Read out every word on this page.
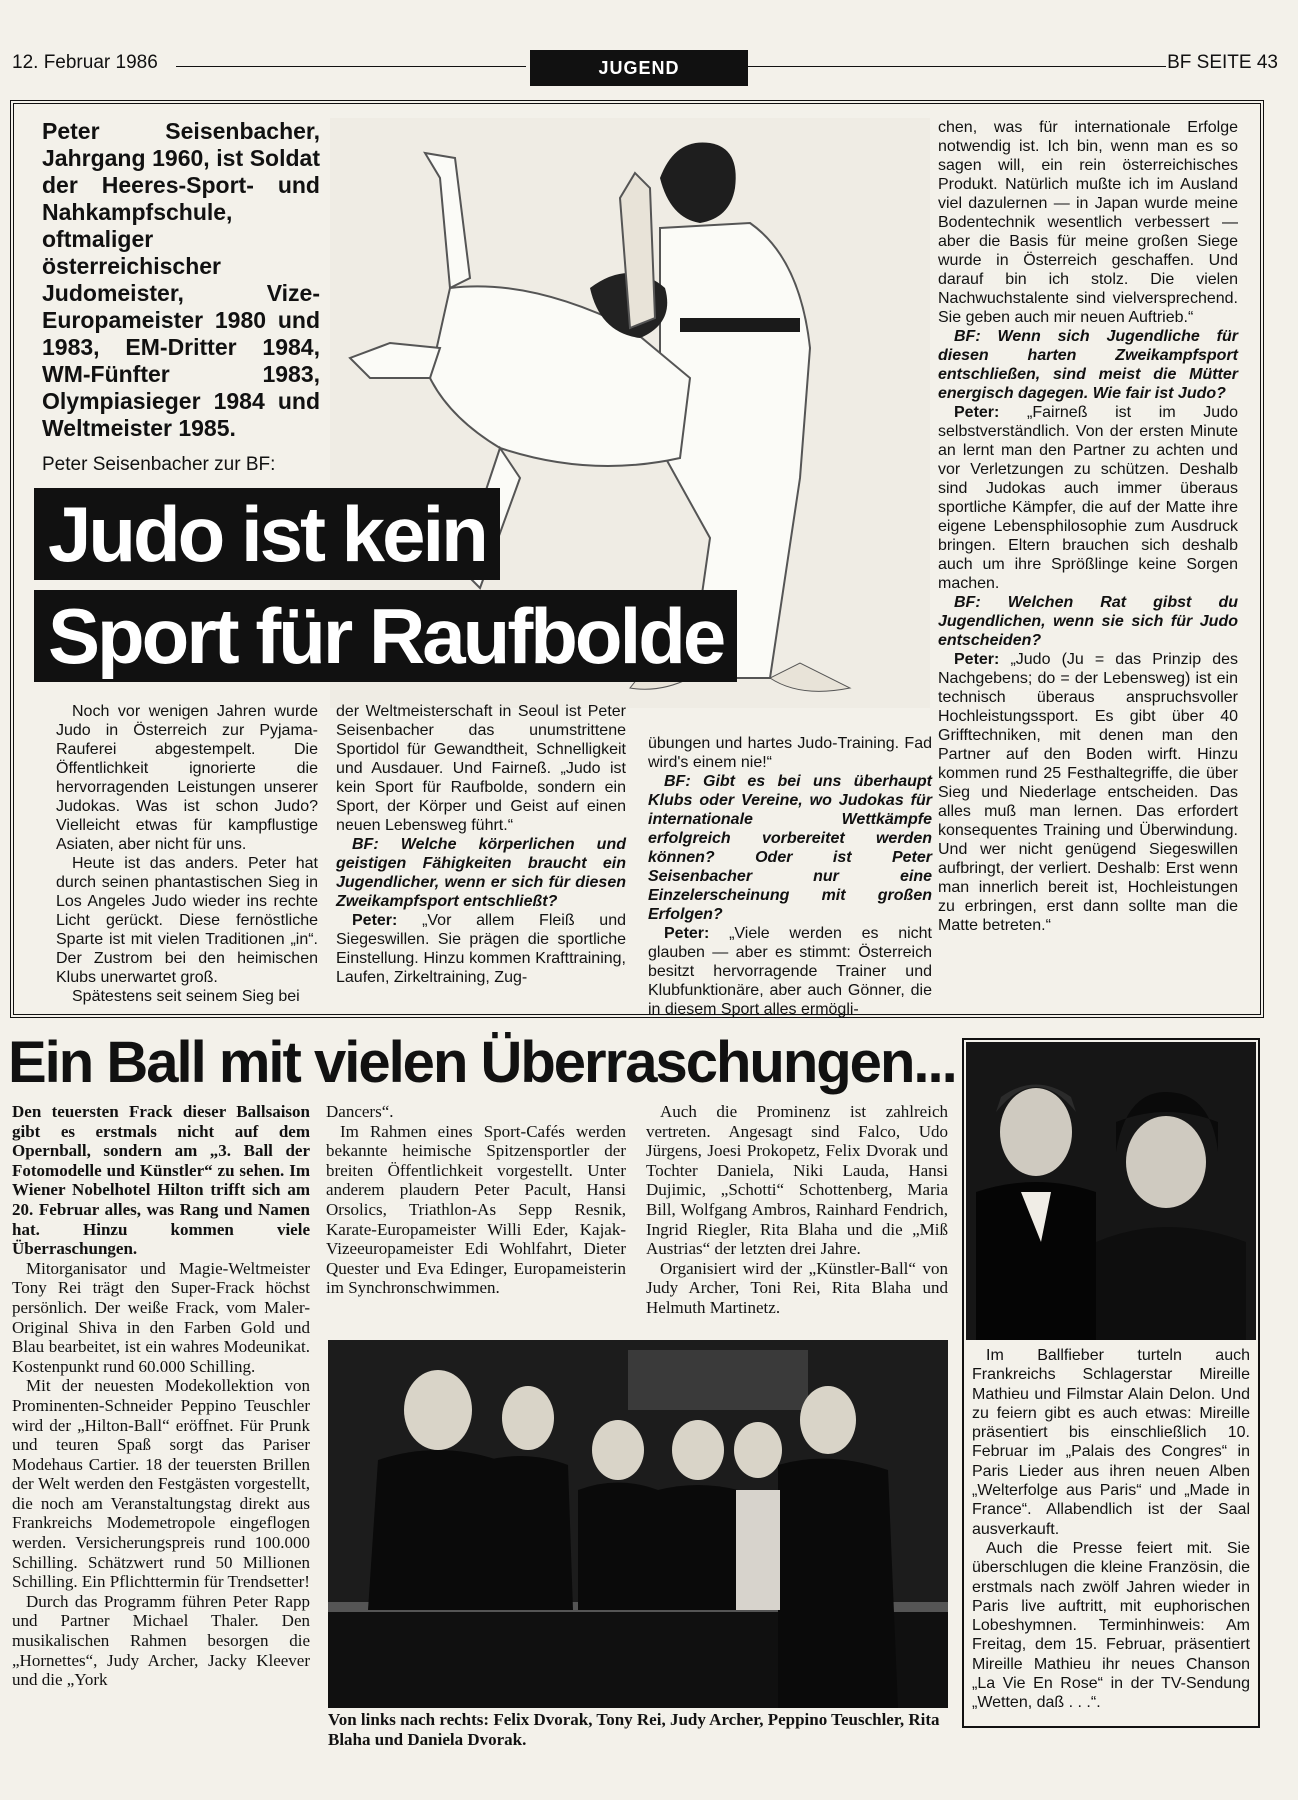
12. Februar 1986	JUGEND	BF SEITE 43
Peter Seisenbacher, Jahrgang 1960, ist Soldat der Heeres-Sport- und Nahkampfschule, oftmaliger österreichischer Judomeister, Vize-Europameister 1980 und 1983, EM-Dritter 1984, WM-Fünfter 1983, Olympiasieger 1984 und Weltmeister 1985.
Peter Seisenbacher zur BF:
Judo ist kein
Sport für Raufbolde

Noch vor wenigen Jahren wurde Judo in Österreich zur Pyjama-Rauferei abgestempelt. Die Öffentlichkeit ignorierte die hervorragenden Leistungen unserer Judokas. Was ist schon Judo? Vielleicht etwas für kampflustige Asiaten, aber nicht für uns.

Heute ist das anders. Peter hat durch seinen phantastischen Sieg in Los Angeles Judo wieder ins rechte Licht gerückt. Diese fernöstliche Sparte ist mit vielen Traditionen „in“. Der Zustrom bei den heimischen Klubs unerwartet groß.

Spätestens seit seinem Sieg bei

der Weltmeisterschaft in Seoul ist Peter Seisenbacher das unumstrittene Sportidol für Gewandtheit, Schnelligkeit und Ausdauer. Und Fairneß. „Judo ist kein Sport für Raufbolde, sondern ein Sport, der Körper und Geist auf einen neuen Lebensweg führt.“

BF: Welche körperlichen und geistigen Fähigkeiten braucht ein Jugendlicher, wenn er sich für diesen Zweikampfsport entschließt?

Peter: „Vor allem Fleiß und Siegeswillen. Sie prägen die sportliche Einstellung. Hinzu kommen Krafttraining, Laufen, Zirkeltraining, Zug-

übungen und hartes Judo-Training. Fad wird's einem nie!“

BF: Gibt es bei uns überhaupt Klubs oder Vereine, wo Judokas für internationale Wettkämpfe erfolgreich vorbereitet werden können? Oder ist Peter Seisenbacher nur eine Einzelerscheinung mit großen Erfolgen?

Peter: „Viele werden es nicht glauben — aber es stimmt: Österreich besitzt hervorragende Trainer und Klubfunktionäre, aber auch Gönner, die in diesem Sport alles ermögli-

chen, was für internationale Erfolge notwendig ist. Ich bin, wenn man es so sagen will, ein rein österreichisches Produkt. Natürlich mußte ich im Ausland viel dazulernen — in Japan wurde meine Bodentechnik wesentlich verbessert — aber die Basis für meine großen Siege wurde in Österreich geschaffen. Und darauf bin ich stolz. Die vielen Nachwuchstalente sind vielversprechend. Sie geben auch mir neuen Auftrieb.“

BF: Wenn sich Jugendliche für diesen harten Zweikampfsport entschließen, sind meist die Mütter energisch dagegen. Wie fair ist Judo?

Peter: „Fairneß ist im Judo selbstverständlich. Von der ersten Minute an lernt man den Partner zu achten und vor Verletzungen zu schützen. Deshalb sind Judokas auch immer überaus sportliche Kämpfer, die auf der Matte ihre eigene Lebensphilosophie zum Ausdruck bringen. Eltern brauchen sich deshalb auch um ihre Sprößlinge keine Sorgen machen.

BF: Welchen Rat gibst du Jugendlichen, wenn sie sich für Judo entscheiden?

Peter: „Judo (Ju = das Prinzip des Nachgebens; do = der Lebensweg) ist ein technisch überaus anspruchsvoller Hochleistungssport. Es gibt über 40 Grifftechniken, mit denen man den Partner auf den Boden wirft. Hinzu kommen rund 25 Festhaltegriffe, die über Sieg und Niederlage entscheiden. Das alles muß man lernen. Das erfordert konsequentes Training und Überwindung. Und wer nicht genügend Siegeswillen aufbringt, der verliert. Deshalb: Erst wenn man innerlich bereit ist, Hochleistungen zu erbringen, erst dann sollte man die Matte betreten.“

Ein Ball mit vielen Überraschungen...

Den teuersten Frack dieser Ballsaison gibt es erstmals nicht auf dem Opernball, sondern am „3. Ball der Fotomodelle und Künstler“ zu sehen. Im Wiener Nobelhotel Hilton trifft sich am 20. Februar alles, was Rang und Namen hat. Hinzu kommen viele Überraschungen.

Mitorganisator und Magie-Weltmeister Tony Rei trägt den Super-Frack höchst persönlich. Der weiße Frack, vom Maler-Original Shiva in den Farben Gold und Blau bearbeitet, ist ein wahres Modeunikat. Kostenpunkt rund 60.000 Schilling.

Mit der neuesten Modekollektion von Prominenten-Schneider Peppino Teuschler wird der „Hilton-Ball“ eröffnet. Für Prunk und teuren Spaß sorgt das Pariser Modehaus Cartier. 18 der teuersten Brillen der Welt werden den Festgästen vorgestellt, die noch am Veranstaltungstag direkt aus Frankreichs Modemetropole eingeflogen werden. Versicherungspreis rund 100.000 Schilling. Schätzwert rund 50 Millionen Schilling. Ein Pflichttermin für Trendsetter!

Durch das Programm führen Peter Rapp und Partner Michael Thaler. Den musikalischen Rahmen besorgen die „Hornettes“, Judy Archer, Jacky Kleever und die „York

Dancers“.

Im Rahmen eines Sport-Cafés werden bekannte heimische Spitzensportler der breiten Öffentlichkeit vorgestellt. Unter anderem plaudern Peter Pacult, Hansi Orsolics, Triathlon-As Sepp Resnik, Karate-Europameister Willi Eder, Kajak-Vizeeuropameister Edi Wohlfahrt, Dieter Quester und Eva Edinger, Europameisterin im Synchronschwimmen.

Auch die Prominenz ist zahlreich vertreten. Angesagt sind Falco, Udo Jürgens, Joesi Prokopetz, Felix Dvorak und Tochter Daniela, Niki Lauda, Hansi Dujimic, „Schotti“ Schottenberg, Maria Bill, Wolfgang Ambros, Rainhard Fendrich, Ingrid Riegler, Rita Blaha und die „Miß Austrias“ der letzten drei Jahre.

Organisiert wird der „Künstler-Ball“ von Judy Archer, Toni Rei, Rita Blaha und Helmuth Martinetz.

Von links nach rechts: Felix Dvorak, Tony Rei, Judy Archer, Peppino Teuschler, Rita Blaha und Daniela Dvorak.

Im Ballfieber turteln auch Frankreichs Schlagerstar Mireille Mathieu und Filmstar Alain Delon. Und zu feiern gibt es auch etwas: Mireille präsentiert bis einschließlich 10. Februar im „Palais des Congres“ in Paris Lieder aus ihren neuen Alben „Welterfolge aus Paris“ und „Made in France“. Allabendlich ist der Saal ausverkauft.

Auch die Presse feiert mit. Sie überschlugen die kleine Französin, die erstmals nach zwölf Jahren wieder in Paris live auftritt, mit euphorischen Lobeshymnen. Terminhinweis: Am Freitag, dem 15. Februar, präsentiert Mireille Mathieu ihr neues Chanson „La Vie En Rose“ in der TV-Sendung „Wetten, daß . . .“.
